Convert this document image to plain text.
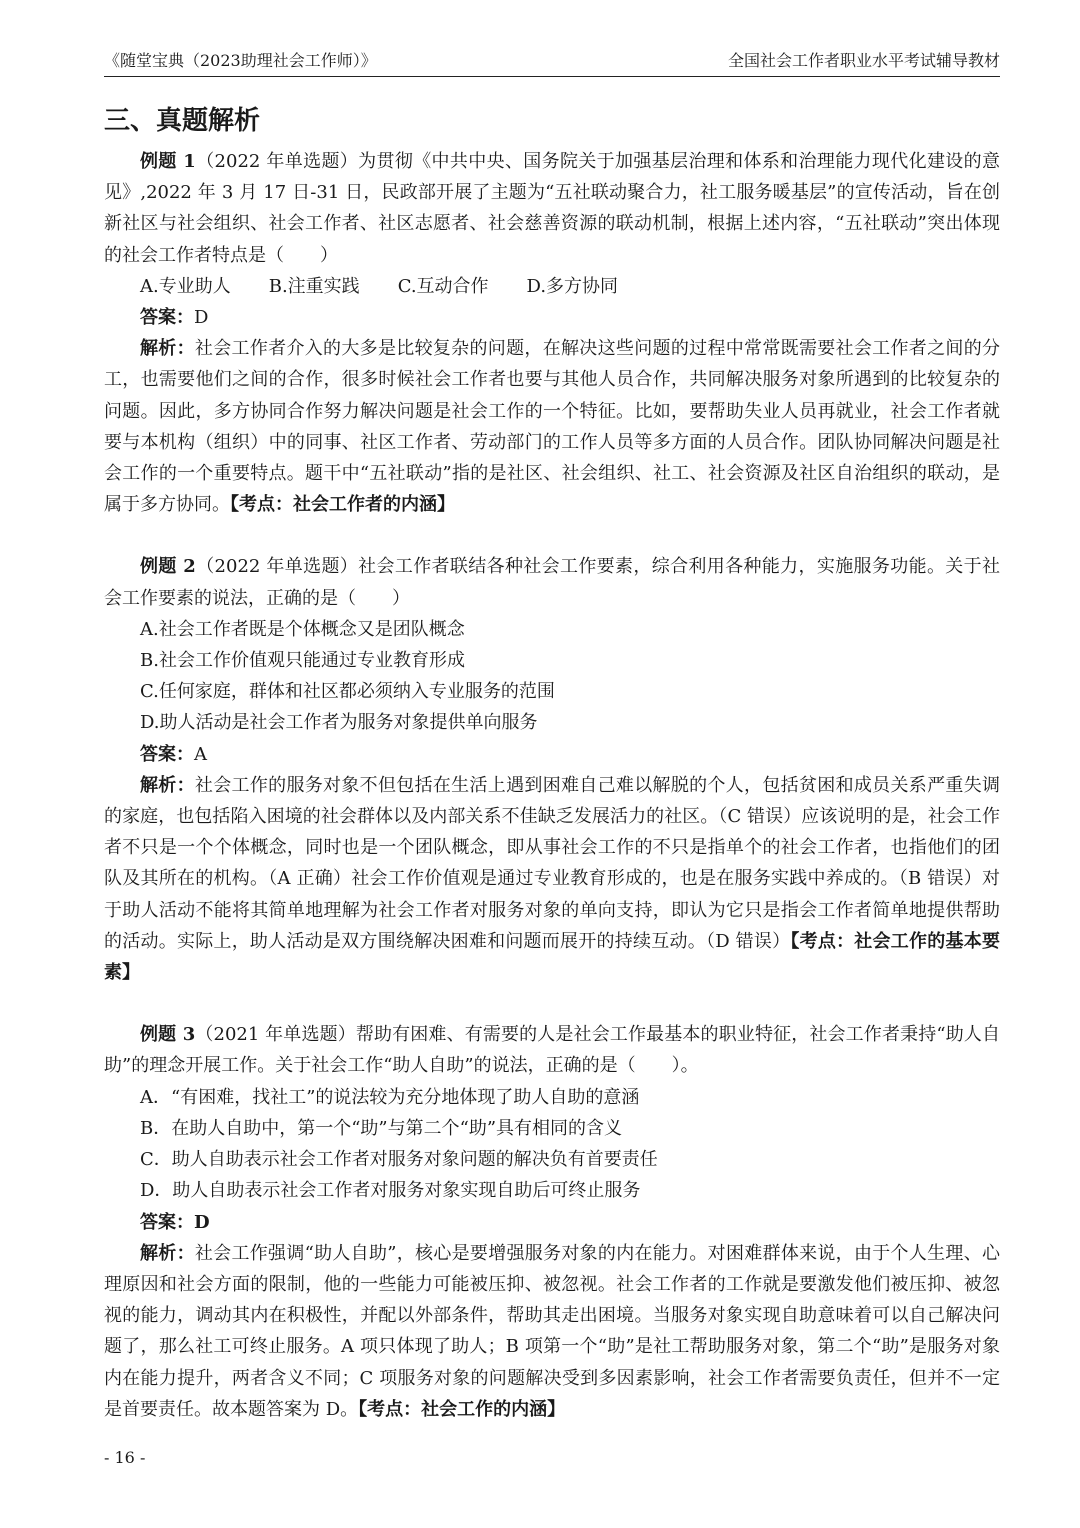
《随堂宝典（2023助理社会工作师）》	全国社会工作者职业水平考试辅导教材
三、真题解析

例题 1（2022 年单选题）为贯彻《中共中央、国务院关于加强基层治理和体系和治理能力现代化建设的意见》,2022 年 3 月 17 日-31 日，民政部开展了主题为“五社联动聚合力，社工服务暖基层”的宣传活动，旨在创新社区与社会组织、社会工作者、社区志愿者、社会慈善资源的联动机制，根据上述内容，“五社联动”突出体现的社会工作者特点是（　　）

A.专业助人 B.注重实践 C.互动合作 D.多方协同

答案：D

解析：社会工作者介入的大多是比较复杂的问题，在解决这些问题的过程中常常既需要社会工作者之间的分工，也需要他们之间的合作，很多时候社会工作者也要与其他人员合作，共同解决服务对象所遇到的比较复杂的问题。因此，多方协同合作努力解决问题是社会工作的一个特征。比如，要帮助失业人员再就业，社会工作者就要与本机构（组织）中的同事、社区工作者、劳动部门的工作人员等多方面的人员合作。团队协同解决问题是社会工作的一个重要特点。题干中“五社联动”指的是社区、社会组织、社工、社会资源及社区自治组织的联动，是属于多方协同。【考点：社会工作者的内涵】

例题 2（2022 年单选题）社会工作者联结各种社会工作要素，综合利用各种能力，实施服务功能。关于社会工作要素的说法，正确的是（　　）

A.社会工作者既是个体概念又是团队概念

B.社会工作价值观只能通过专业教育形成

C.任何家庭，群体和社区都必须纳入专业服务的范围

D.助人活动是社会工作者为服务对象提供单向服务

答案：A

解析：社会工作的服务对象不但包括在生活上遇到困难自己难以解脱的个人，包括贫困和成员关系严重失调的家庭，也包括陷入困境的社会群体以及内部关系不佳缺乏发展活力的社区。（C 错误）应该说明的是，社会工作者不只是一个个体概念，同时也是一个团队概念，即从事社会工作的不只是指单个的社会工作者，也指他们的团队及其所在的机构。（A 正确）社会工作价值观是通过专业教育形成的，也是在服务实践中养成的。（B 错误）对于助人活动不能将其简单地理解为社会工作者对服务对象的单向支持，即认为它只是指会工作者简单地提供帮助的活动。实际上，助人活动是双方围绕解决困难和问题而展开的持续互动。（D 错误）【考点：社会工作的基本要素】

例题 3（2021 年单选题）帮助有困难、有需要的人是社会工作最基本的职业特征，社会工作者秉持“助人自助”的理念开展工作。关于社会工作“助人自助”的说法，正确的是（　　）。

A．“有困难，找社工”的说法较为充分地体现了助人自助的意涵

B．在助人自助中，第一个“助”与第二个“助”具有相同的含义

C．助人自助表示社会工作者对服务对象问题的解决负有首要责任

D．助人自助表示社会工作者对服务对象实现自助后可终止服务

答案：D

解析：社会工作强调“助人自助”，核心是要增强服务对象的内在能力。对困难群体来说，由于个人生理、心理原因和社会方面的限制，他的一些能力可能被压抑、被忽视。社会工作者的工作就是要激发他们被压抑、被忽视的能力，调动其内在积极性，并配以外部条件，帮助其走出困境。当服务对象实现自助意味着可以自己解决问题了，那么社工可终止服务。A 项只体现了助人；B 项第一个“助”是社工帮助服务对象，第二个“助”是服务对象内在能力提升，两者含义不同；C 项服务对象的问题解决受到多因素影响，社会工作者需要负责任，但并不一定是首要责任。故本题答案为 D。【考点：社会工作的内涵】

- 16 -
